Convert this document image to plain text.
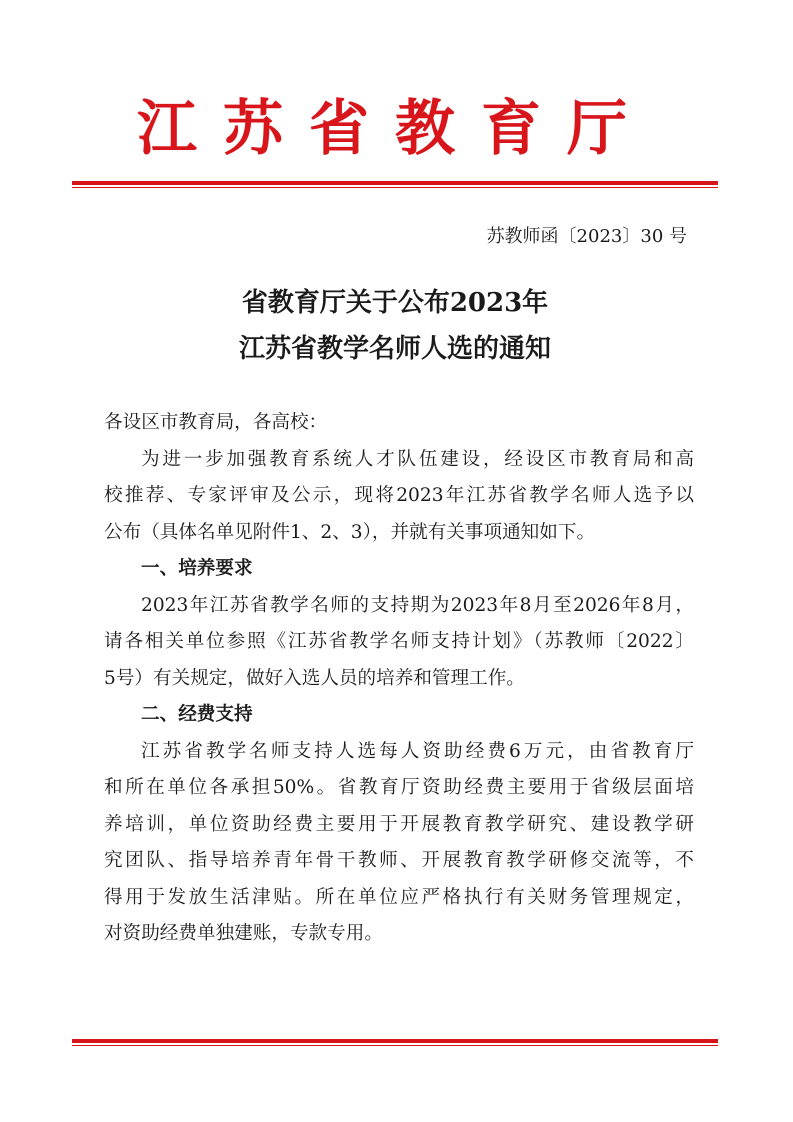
江苏省教育厅
苏教师函〔2023〕30 号
省教育厅关于公布2023年
江苏省教学名师人选的通知
各设区市教育局，各高校：
为进一步加强教育系统人才队伍建设，经设区市教育局和高
校推荐、专家评审及公示，现将2023年江苏省教学名师人选予以
公布（具体名单见附件1、2、3），并就有关事项通知如下。
一、培养要求
2023年江苏省教学名师的支持期为2023年8月至2026年8月，
请各相关单位参照《江苏省教学名师支持计划》（苏教师〔2022〕
5号）有关规定，做好入选人员的培养和管理工作。
二、经费支持
江苏省教学名师支持人选每人资助经费6万元，由省教育厅
和所在单位各承担50%。省教育厅资助经费主要用于省级层面培
养培训，单位资助经费主要用于开展教育教学研究、建设教学研
究团队、指导培养青年骨干教师、开展教育教学研修交流等，不
得用于发放生活津贴。所在单位应严格执行有关财务管理规定，
对资助经费单独建账，专款专用。
